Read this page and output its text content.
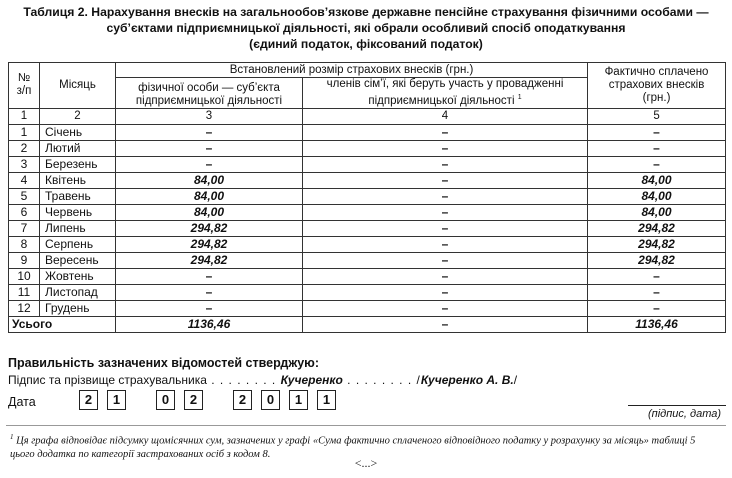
Таблиця 2. Нарахування внесків на загальнообов’язкове державне пенсійне страхування фізичними особами —
суб’єктами підприємницької діяльності, які обрали особливий спосіб оподаткування
(єдиний податок, фіксований податок)
№ з/п	Місяць	Встановлений розмір страхових внесків (грн.)		Фактично сплачено страхових внесків (грн.)
		фізичної особи — суб’єкта підприємницької діяльності	членів сім’ї, які беруть участь у провадженні підприємницької діяльності $^1$
1	2	3	4	5
1	Січень	–	–	–
2	Лютий	–	–	–
3	Березень	–	–	–
4	Квітень	84,00	–	84,00
5	Травень	84,00	–	84,00
6	Червень	84,00	–	84,00
7	Липень	294,82	–	294,82
8	Серпень	294,82	–	294,82
9	Вересень	294,82	–	294,82
10	Жовтень	–	–	–
11	Листопад	–	–	–
12	Грудень	–	–	–
Усього		1136,46	–	1136,46
Правильність зазначених відомостей стверджую:
Підпис та прізвище страхувальника . . . . . . . . Кучеренко . . . . . . . . /Кучеренко А. В./
Дата	2	1	0	2	2	0	1	1
(підпис, дата)
$^1$ Ця графа відповідає підсумку щомісячних сум, зазначених у графі «Сума фактично сплаченого відповідного податку у розрахунку за місяць» таблиці 5 цього додатка по категорії застрахованих осіб з кодом 8.
<...>
